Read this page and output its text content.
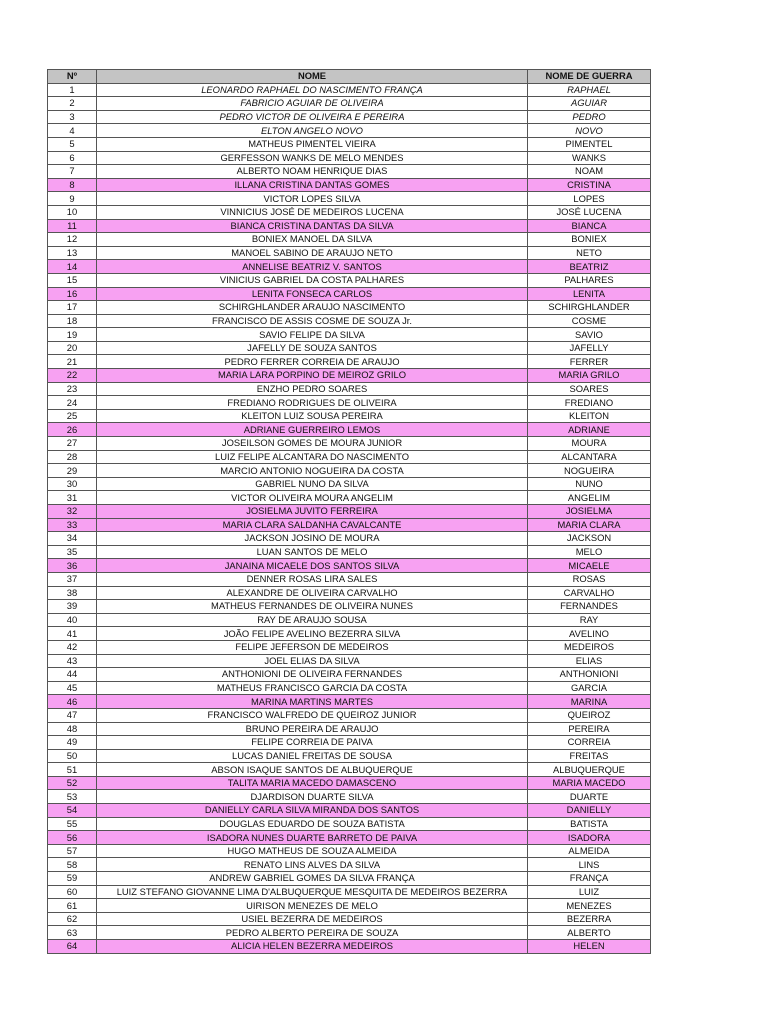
Nº	NOME	NOME DE GUERRA
1	LEONARDO RAPHAEL DO NASCIMENTO FRANÇA	RAPHAEL
2	FABRICIO AGUIAR DE OLIVEIRA	AGUIAR
3	PEDRO VICTOR DE OLIVEIRA E PEREIRA	PEDRO
4	ELTON ANGELO NOVO	NOVO
5	MATHEUS PIMENTEL VIEIRA	PIMENTEL
6	GERFESSON WANKS DE MELO MENDES	WANKS
7	ALBERTO NOAM HENRIQUE DIAS	NOAM
8	ILLANA CRISTINA DANTAS GOMES	CRISTINA
9	VICTOR LOPES SILVA	LOPES
10	VINNICIUS JOSÉ DE MEDEIROS LUCENA	JOSÉ LUCENA
11	BIANCA CRISTINA DANTAS DA SILVA	BIANCA
12	BONIEX MANOEL DA SILVA	BONIEX
13	MANOEL SABINO DE ARAUJO NETO	NETO
14	ANNELISE BEATRIZ V. SANTOS	BEATRIZ
15	VINICIUS GABRIEL DA COSTA PALHARES	PALHARES
16	LENITA FONSECA CARLOS	LENITA
17	SCHIRGHLANDER ARAUJO NASCIMENTO	SCHIRGHLANDER
18	FRANCISCO DE ASSIS COSME DE SOUZA Jr.	COSME
19	SAVIO FELIPE DA SILVA	SAVIO
20	JAFELLY DE SOUZA SANTOS	JAFELLY
21	PEDRO FERRER CORREIA DE ARAUJO	FERRER
22	MARIA LARA PORPINO DE MEIROZ GRILO	MARIA GRILO
23	ENZHO PEDRO SOARES	SOARES
24	FREDIANO RODRIGUES DE OLIVEIRA	FREDIANO
25	KLEITON LUIZ SOUSA PEREIRA	KLEITON
26	ADRIANE GUERREIRO LEMOS	ADRIANE
27	JOSEILSON GOMES DE MOURA JUNIOR	MOURA
28	LUIZ FELIPE ALCANTARA DO NASCIMENTO	ALCANTARA
29	MARCIO ANTONIO NOGUEIRA DA COSTA	NOGUEIRA
30	GABRIEL NUNO DA SILVA	NUNO
31	VICTOR OLIVEIRA MOURA ANGELIM	ANGELIM
32	JOSIELMA JUVITO FERREIRA	JOSIELMA
33	MARIA CLARA SALDANHA CAVALCANTE	MARIA CLARA
34	JACKSON JOSINO DE MOURA	JACKSON
35	LUAN SANTOS DE MELO	MELO
36	JANAINA MICAELE DOS SANTOS SILVA	MICAELE
37	DENNER ROSAS LIRA SALES	ROSAS
38	ALEXANDRE DE OLIVEIRA CARVALHO	CARVALHO
39	MATHEUS FERNANDES DE OLIVEIRA NUNES	FERNANDES
40	RAY DE ARAUJO SOUSA	RAY
41	JOÃO FELIPE AVELINO BEZERRA SILVA	AVELINO
42	FELIPE JEFERSON DE MEDEIROS	MEDEIROS
43	JOEL ELIAS DA SILVA	ELIAS
44	ANTHONIONI DE OLIVEIRA FERNANDES	ANTHONIONI
45	MATHEUS FRANCISCO GARCIA DA COSTA	GARCIA
46	MARINA MARTINS MARTES	MARINA
47	FRANCISCO WALFREDO DE QUEIROZ JUNIOR	QUEIROZ
48	BRUNO PEREIRA DE ARAUJO	PEREIRA
49	FELIPE CORREIA DE PAIVA	CORREIA
50	LUCAS DANIEL FREITAS DE SOUSA	FREITAS
51	ABSON ISAQUE SANTOS DE ALBUQUERQUE	ALBUQUERQUE
52	TALITA MARIA MACEDO DAMASCENO	MARIA MACEDO
53	DJARDISON DUARTE SILVA	DUARTE
54	DANIELLY CARLA SILVA MIRANDA DOS SANTOS	DANIELLY
55	DOUGLAS EDUARDO DE SOUZA BATISTA	BATISTA
56	ISADORA NUNES DUARTE BARRETO DE PAIVA	ISADORA
57	HUGO MATHEUS DE SOUZA ALMEIDA	ALMEIDA
58	RENATO LINS ALVES DA SILVA	LINS
59	ANDREW GABRIEL GOMES DA SILVA FRANÇA	FRANÇA
60	LUIZ STEFANO GIOVANNE LIMA D'ALBUQUERQUE MESQUITA DE MEDEIROS BEZERRA	LUIZ
61	UIRISON MENEZES DE MELO	MENEZES
62	USIEL BEZERRA DE MEDEIROS	BEZERRA
63	PEDRO ALBERTO PEREIRA DE SOUZA	ALBERTO
64	ALICIA HELEN BEZERRA MEDEIROS	HELEN
